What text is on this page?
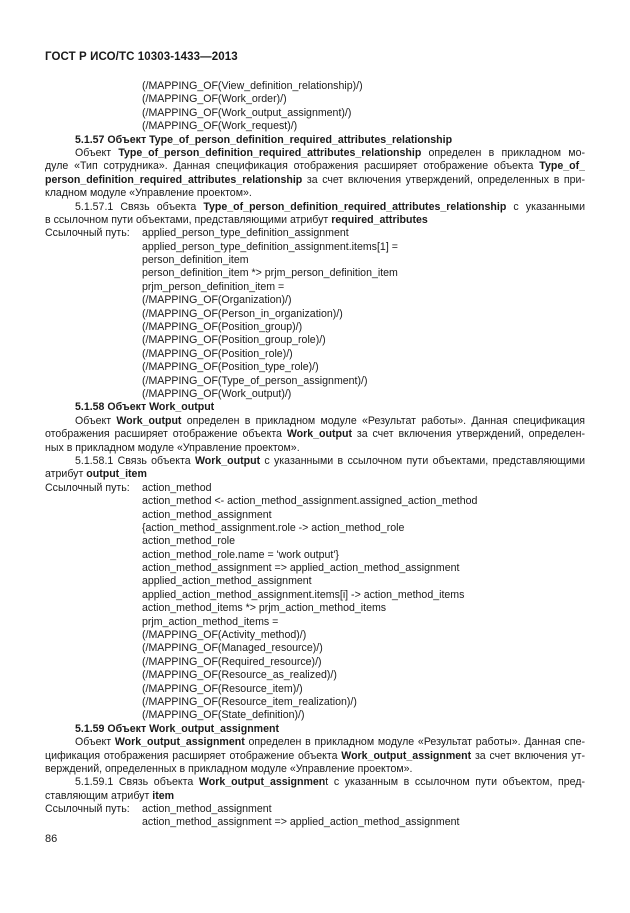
ГОСТ Р ИСО/ТС 10303-1433—2013
(/MAPPING_OF(View_definition_relationship)/)
(/MAPPING_OF(Work_order)/)
(/MAPPING_OF(Work_output_assignment)/)
(/MAPPING_OF(Work_request)/)
5.1.57 Объект Type_of_person_definition_required_attributes_relationship
Объект Type_of_person_definition_required_attributes_relationship определен в прикладном мо-
дуле «Тип сотрудника». Данная спецификация отображения расширяет отображение объекта Type_of_
person_definition_required_attributes_relationship за счет включения утверждений, определенных в при-
кладном модуле «Управление проектом».
5.1.57.1 Связь объекта Type_of_person_definition_required_attributes_relationship с указанными
в ссылочном пути объектами, представляющими атрибут required_attributes
Ссылочный путь:	applied_person_type_definition_assignment
applied_person_type_definition_assignment.items[1] =
person_definition_item
person_definition_item *> prjm_person_definition_item
prjm_person_definition_item =
(/MAPPING_OF(Organization)/)
(/MAPPING_OF(Person_in_organization)/)
(/MAPPING_OF(Position_group)/)
(/MAPPING_OF(Position_group_role)/)
(/MAPPING_OF(Position_role)/)
(/MAPPING_OF(Position_type_role)/)
(/MAPPING_OF(Type_of_person_assignment)/)
(/MAPPING_OF(Work_output)/)
5.1.58 Объект Work_output
Объект Work_output определен в прикладном модуле «Результат работы». Данная спецификация
отображения расширяет отображение объекта Work_output за счет включения утверждений, определен-
ных в прикладном модуле «Управление проектом».
5.1.58.1 Связь объекта Work_output с указанными в ссылочном пути объектами, представляющими
атрибут output_item
Ссылочный путь:	action_method
action_method <- action_method_assignment.assigned_action_method
action_method_assignment
{action_method_assignment.role -> action_method_role
action_method_role
action_method_role.name = 'work output'}
action_method_assignment => applied_action_method_assignment
applied_action_method_assignment
applied_action_method_assignment.items[i] -> action_method_items
action_method_items *> prjm_action_method_items
prjm_action_method_items =
(/MAPPING_OF(Activity_method)/)
(/MAPPING_OF(Managed_resource)/)
(/MAPPING_OF(Required_resource)/)
(/MAPPING_OF(Resource_as_realized)/)
(/MAPPING_OF(Resource_item)/)
(/MAPPING_OF(Resource_item_realization)/)
(/MAPPING_OF(State_definition)/)
5.1.59 Объект Work_output_assignment
Объект Work_output_assignment определен в прикладном модуле «Результат работы». Данная спе-
цификация отображения расширяет отображение объекта Work_output_assignment за счет включения ут-
верждений, определенных в прикладном модуле «Управление проектом».
5.1.59.1 Связь объекта Work_output_assignment с указанным в ссылочном пути объектом, пред-
ставляющим атрибут item
Ссылочный путь:	action_method_assignment
action_method_assignment => applied_action_method_assignment
86
